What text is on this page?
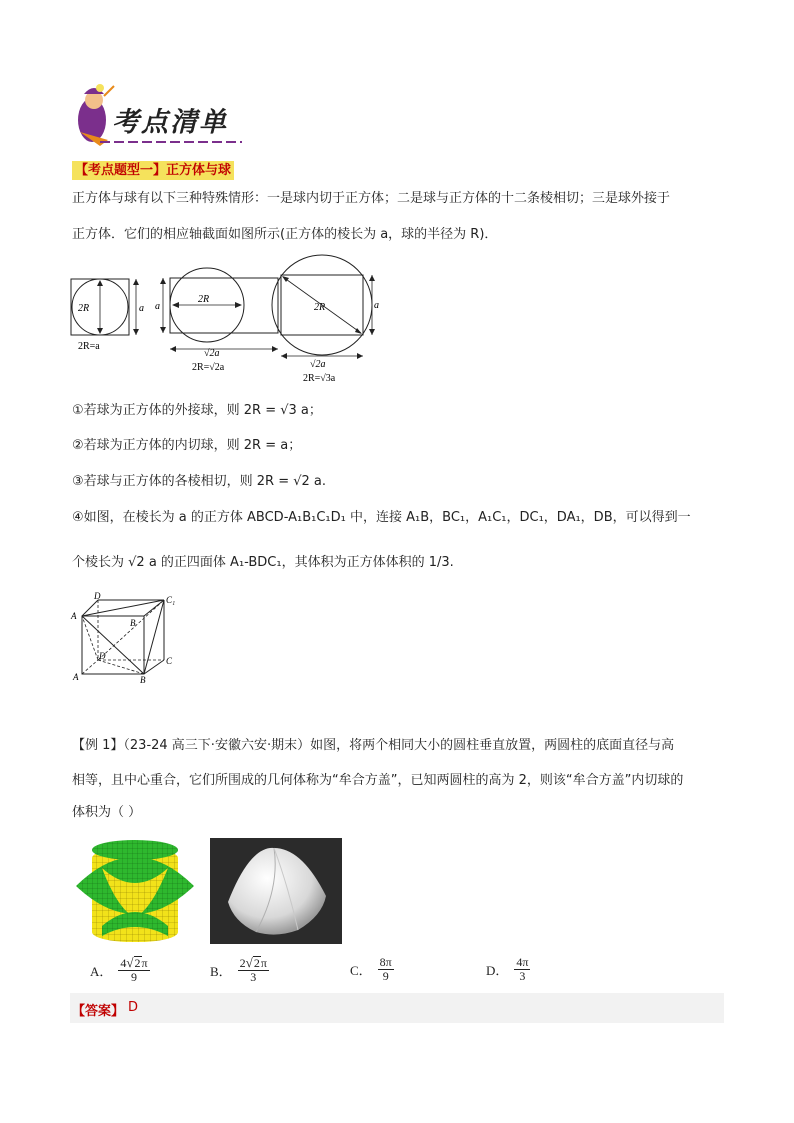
考点清单
【考点题型一】正方体与球
正方体与球有以下三种特殊情形：一是球内切于正方体；二是球与正方体的十二条棱相切；三是球外接于
正方体．它们的相应轴截面如图所示(正方体的棱长为 a，球的半径为 R)．
2R	a
2R=a
2R
a
√2a
2R=√2a
2R	a
√2a
2R=√3a
①若球为正方体的外接球，则 2R = √3 a；
②若球为正方体的内切球，则 2R = a；
③若球与正方体的各棱相切，则 2R = √2 a.
④如图，在棱长为 a 的正方体 ABCD-A₁B₁C₁D₁ 中，连接 A₁B，BC₁，A₁C₁，DC₁，DA₁，DB，可以得到一
个棱长为 √2 a 的正四面体 A₁-BDC₁，其体积为正方体体积的 1/3.
D	C₁
A
B
D	C
A	B
【例 1】（23-24 高三下·安徽六安·期末）如图，将两个相同大小的圆柱垂直放置，两圆柱的底面直径与高
相等，且中心重合，它们所围成的几何体称为“牟合方盖”，已知两圆柱的高为 2，则该“牟合方盖”内切球的
体积为（ ）
A． $\frac{4√2\pi}{9}$	B． $\frac{2√2\pi}{3}$	C． $\frac{8\pi}{9}$	D． $\frac{4\pi}{3}$
【答案】 D
